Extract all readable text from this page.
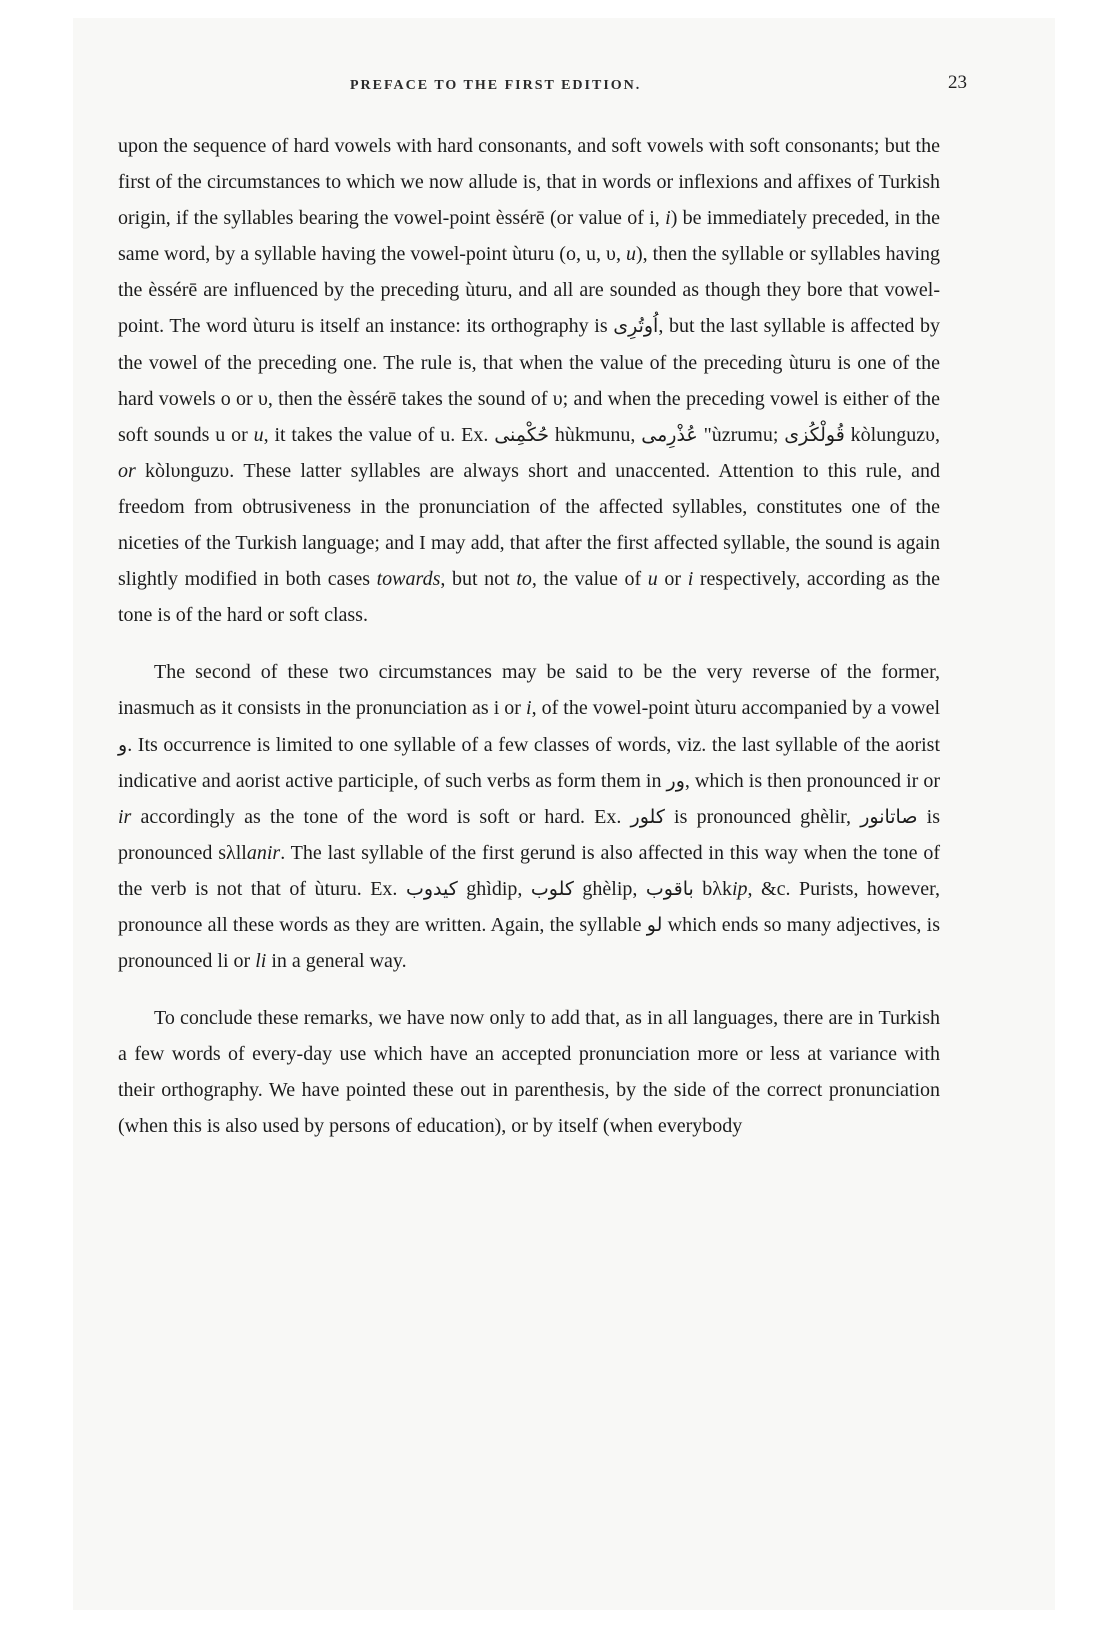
PREFACE TO THE FIRST EDITION.	23

upon the sequence of hard vowels with hard consonants, and soft vowels with soft consonants; but the first of the circumstances to which we now allude is, that in words or inflexions and affixes of Turkish origin, if the syllables bearing the vowel-point èssérē (or value of i, i) be immediately preceded, in the same word, by a syllable having the vowel-point ùturu (o, u, υ, u), then the syllable or syllables having the èssérē are influenced by the preceding ùturu, and all are sounded as though they bore that vowel-point. The word ùturu is itself an instance: its orthography is اُوتُرِی, but the last syllable is affected by the vowel of the preceding one. The rule is, that when the value of the preceding ùturu is one of the hard vowels o or υ, then the èssérē takes the sound of υ; and when the preceding vowel is either of the soft sounds u or u, it takes the value of u. Ex. حُكْمِنى hùkmunu, عُذْرِمى "ùzrumu; قُولْكُزى kòlunguzυ, or kòlυnguzυ. These latter syllables are always short and unaccented. Attention to this rule, and freedom from obtrusiveness in the pronunciation of the affected syllables, constitutes one of the niceties of the Turkish language; and I may add, that after the first affected syllable, the sound is again slightly modified in both cases towards, but not to, the value of u or i respectively, according as the tone is of the hard or soft class.

The second of these two circumstances may be said to be the very reverse of the former, inasmuch as it consists in the pronunciation as i or i, of the vowel-point ùturu accompanied by a vowel و. Its occurrence is limited to one syllable of a few classes of words, viz. the last syllable of the aorist indicative and aorist active participle, of such verbs as form them in ور, which is then pronounced ir or ir accordingly as the tone of the word is soft or hard. Ex. كلور is pronounced ghèlir, صاتانور is pronounced sλllanir. The last syllable of the first gerund is also affected in this way when the tone of the verb is not that of ùturu. Ex. كيدوب ghìdip, كلوب ghèlip, باقوب bλkip, &c. Purists, however, pronounce all these words as they are written. Again, the syllable لو which ends so many adjectives, is pronounced li or li in a general way.

To conclude these remarks, we have now only to add that, as in all languages, there are in Turkish a few words of every-day use which have an accepted pronunciation more or less at variance with their orthography. We have pointed these out in parenthesis, by the side of the correct pronunciation (when this is also used by persons of education), or by itself (when everybody
